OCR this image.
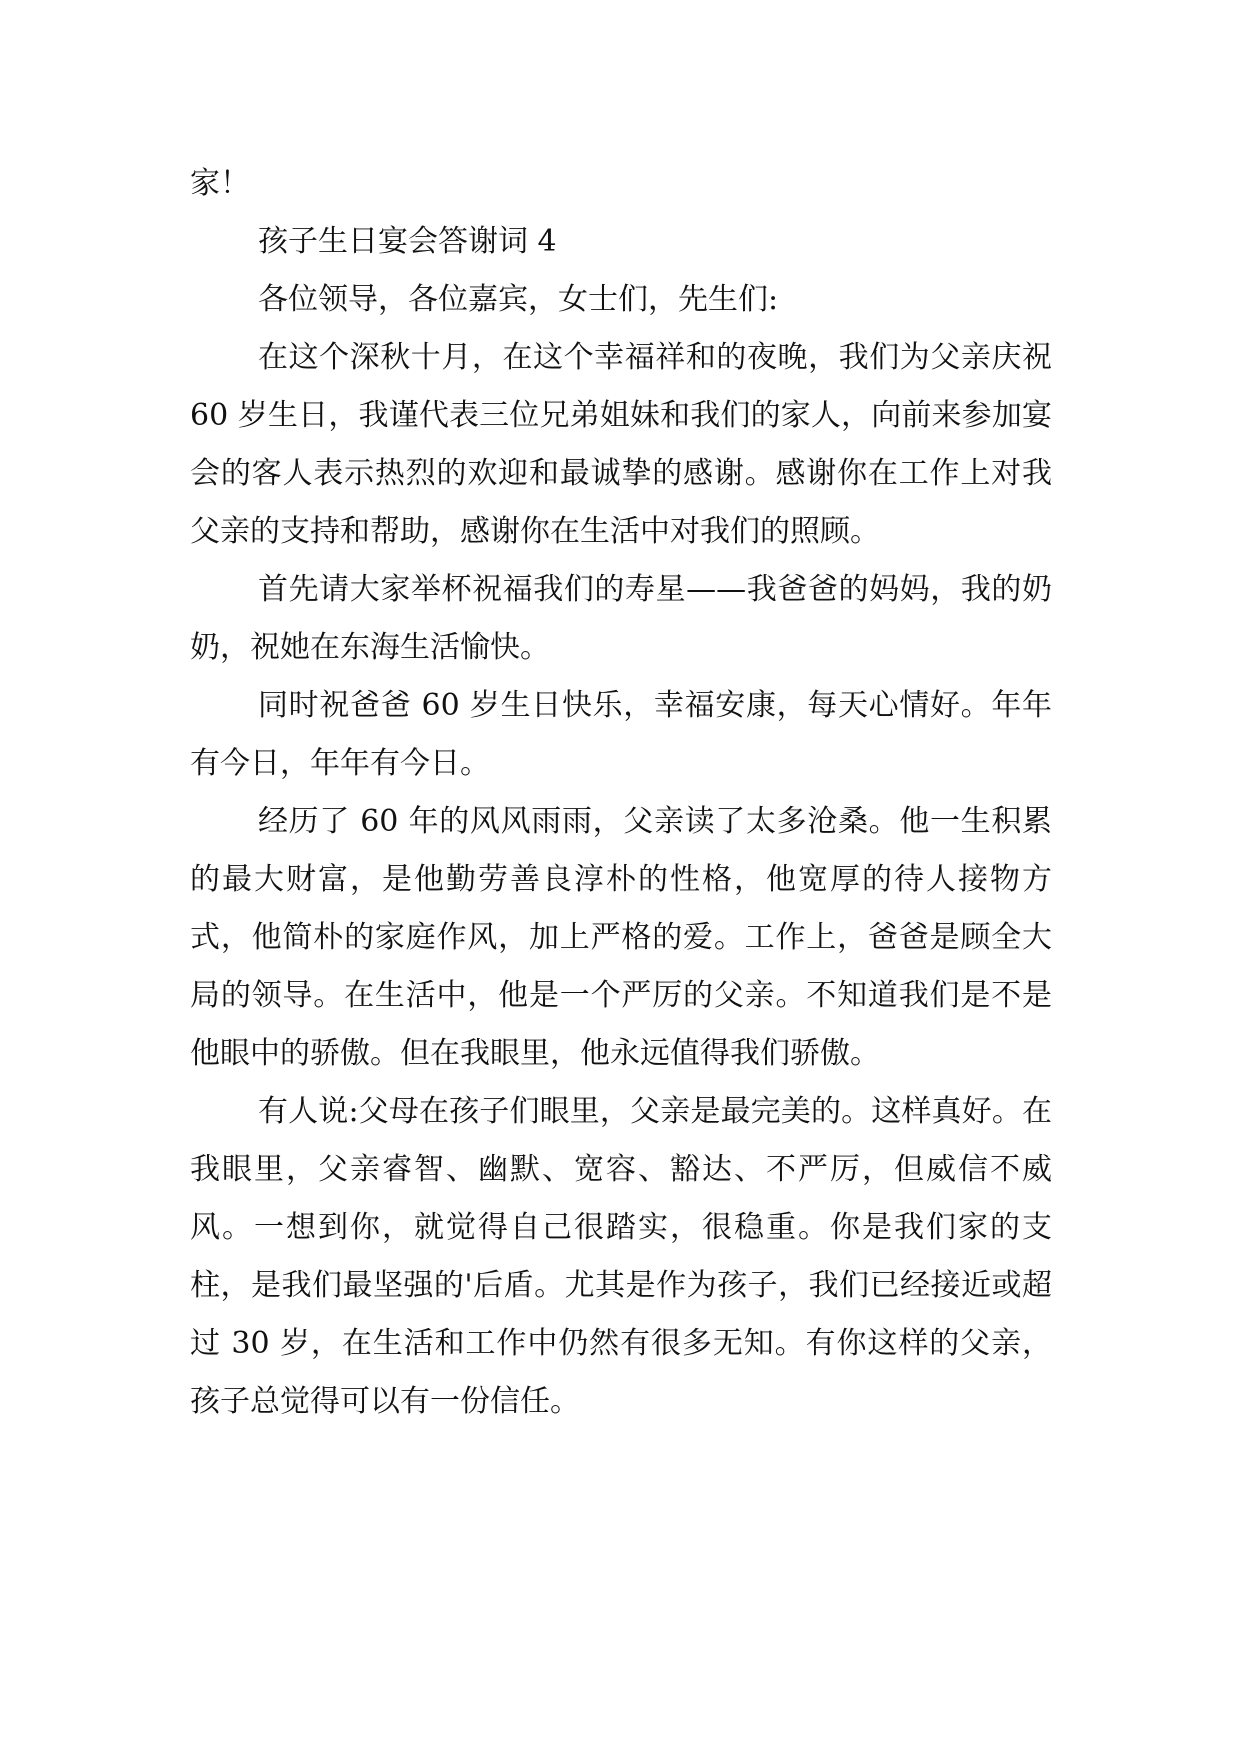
家！

孩子生日宴会答谢词 4

各位领导，各位嘉宾，女士们，先生们:

在这个深秋十月，在这个幸福祥和的夜晚，我们为父亲庆祝 60 岁生日，我谨代表三位兄弟姐妹和我们的家人，向前来参加宴会的客人表示热烈的欢迎和最诚挚的感谢。感谢你在工作上对我父亲的支持和帮助，感谢你在生活中对我们的照顾。

首先请大家举杯祝福我们的寿星——我爸爸的妈妈，我的奶奶，祝她在东海生活愉快。

同时祝爸爸 60 岁生日快乐，幸福安康，每天心情好。年年有今日，年年有今日。

经历了 60 年的风风雨雨，父亲读了太多沧桑。他一生积累的最大财富，是他勤劳善良淳朴的性格，他宽厚的待人接物方式，他简朴的家庭作风，加上严格的爱。工作上，爸爸是顾全大局的领导。在生活中，他是一个严厉的父亲。不知道我们是不是他眼中的骄傲。但在我眼里，他永远值得我们骄傲。

有人说:父母在孩子们眼里，父亲是最完美的。这样真好。在我眼里，父亲睿智、幽默、宽容、豁达、不严厉，但威信不威风。一想到你，就觉得自己很踏实，很稳重。你是我们家的支柱，是我们最坚强的'后盾。尤其是作为孩子，我们已经接近或超过 30 岁，在生活和工作中仍然有很多无知。有你这样的父亲，孩子总觉得可以有一份信任。
